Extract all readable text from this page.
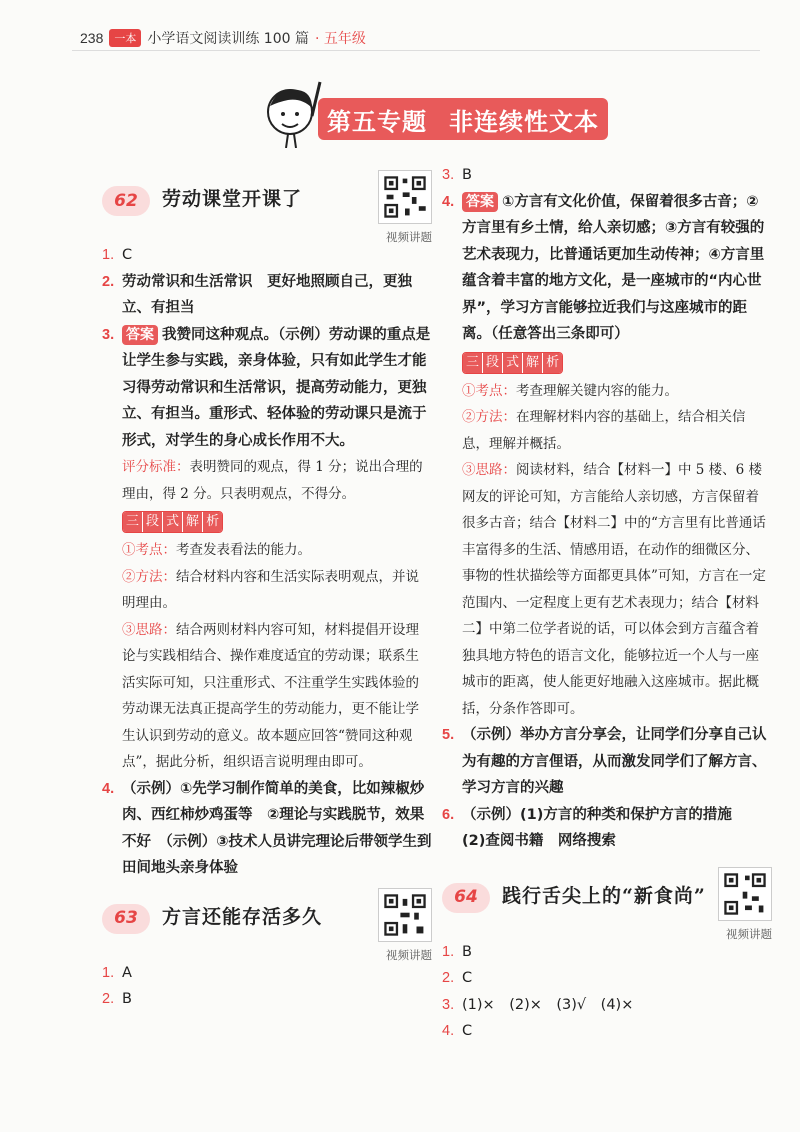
238	一本 小学语文阅读训练 100 篇 · 五年级
第五专题 非连续性文本
62 劳动课堂开课了
视频讲题
1. C
2. 劳动常识和生活常识　更好地照顾自己，更独立、有担当
3. 答案 我赞同这种观点。（示例）劳动课的重点是让学生参与实践，亲身体验，只有如此学生才能习得劳动常识和生活常识，提高劳动能力，更独立、有担当。重形式、轻体验的劳动课只是流于形式，对学生的身心成长作用不大。
评分标准：表明赞同的观点，得 1 分；说出合理的理由，得 2 分。只表明观点，不得分。
三 段 式 解 析
①考点：考查发表看法的能力。
②方法：结合材料内容和生活实际表明观点，并说明理由。
③思路：结合两则材料内容可知，材料提倡开设理论与实践相结合、操作难度适宜的劳动课；联系生活实际可知，只注重形式、不注重学生实践体验的劳动课无法真正提高学生的劳动能力，更不能让学生认识到劳动的意义。故本题应回答“赞同这种观点”，据此分析，组织语言说明理由即可。
4. （示例）①先学习制作简单的美食，比如辣椒炒肉、西红柿炒鸡蛋等　②理论与实践脱节，效果不好　（示例）③技术人员讲完理论后带领学生到田间地头亲身体验
63 方言还能存活多久
视频讲题
1. A
2. B
3. B
4. 答案 ①方言有文化价值，保留着很多古音；②方言里有乡土情，给人亲切感；③方言有较强的艺术表现力，比普通话更加生动传神；④方言里蕴含着丰富的地方文化，是一座城市的“内心世界”，学习方言能够拉近我们与这座城市的距离。（任意答出三条即可）
三 段 式 解 析
①考点：考查理解关键内容的能力。
②方法：在理解材料内容的基础上，结合相关信息，理解并概括。
③思路：阅读材料，结合【材料一】中 5 楼、6 楼网友的评论可知，方言能给人亲切感，方言保留着很多古音；结合【材料二】中的“方言里有比普通话丰富得多的生活、情感用语，在动作的细微区分、事物的性状描绘等方面都更具体”可知，方言在一定范围内、一定程度上更有艺术表现力；结合【材料二】中第二位学者说的话，可以体会到方言蕴含着独具地方特色的语言文化，能够拉近一个人与一座城市的距离，使人能更好地融入这座城市。据此概括，分条作答即可。
5. （示例）举办方言分享会，让同学们分享自己认为有趣的方言俚语，从而激发同学们了解方言、学习方言的兴趣
6. （示例）(1)方言的种类和保护方言的措施
(2)查阅书籍　网络搜索
64 践行舌尖上的“新食尚”
视频讲题
1. B
2. C
3. (1)×　(2)×　(3)√　(4)×
4. C
